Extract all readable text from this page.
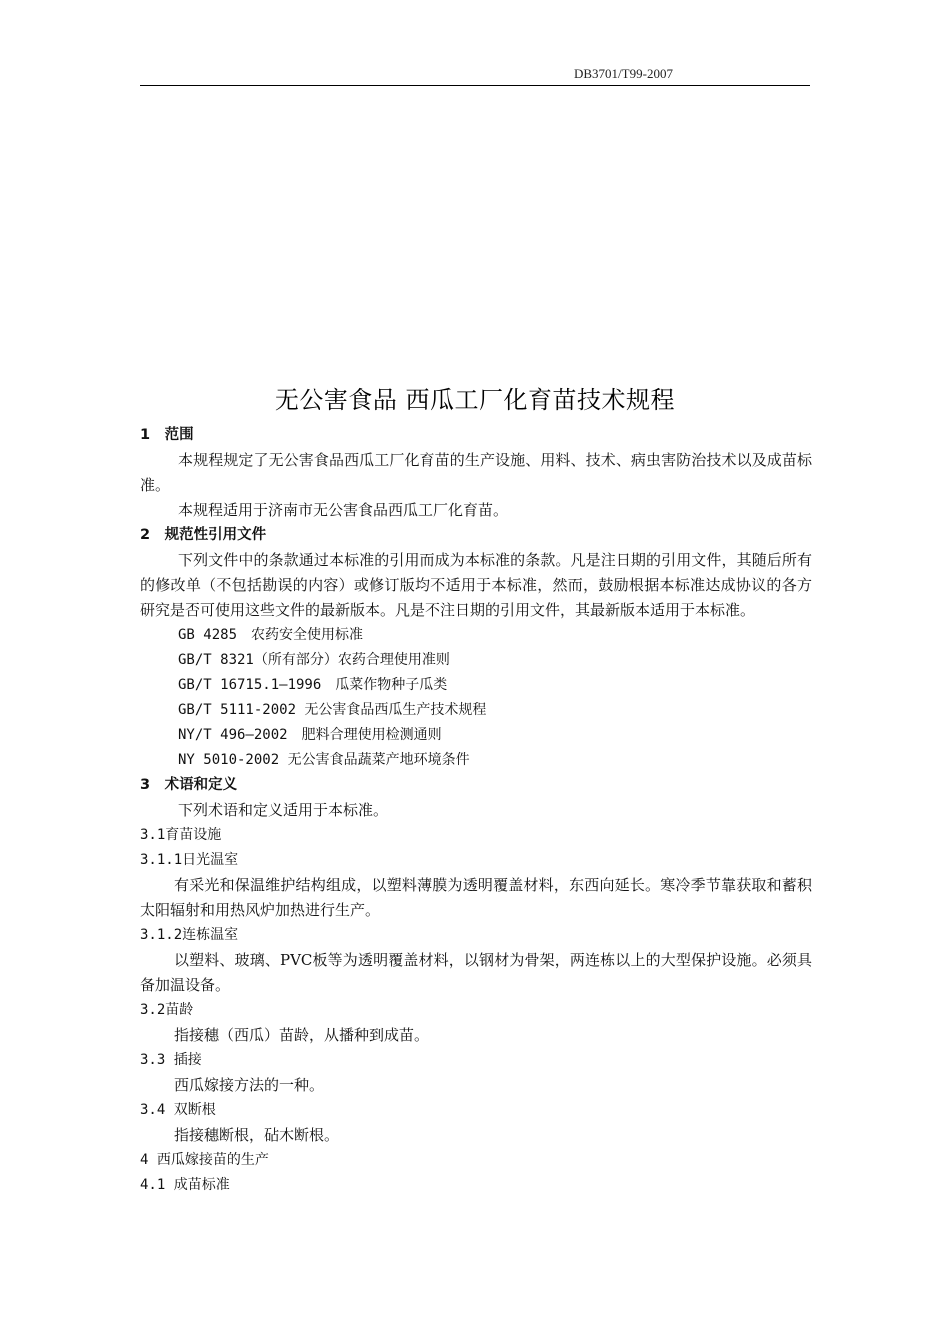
DB3701/T99-2007
无公害食品 西瓜工厂化育苗技术规程

1　范围

本规程规定了无公害食品西瓜工厂化育苗的生产设施、用料、技术、病虫害防治技术以及成苗标准。

本规程适用于济南市无公害食品西瓜工厂化育苗。

2　规范性引用文件

下列文件中的条款通过本标准的引用而成为本标准的条款。凡是注日期的引用文件，其随后所有的修改单（不包括勘误的内容）或修订版均不适用于本标准，然而，鼓励根据本标准达成协议的各方研究是否可使用这些文件的最新版本。凡是不注日期的引用文件，其最新版本适用于本标准。

GB 4285　农药安全使用标准

GB/T 8321（所有部分）农药合理使用准则

GB/T 16715.1—1996　瓜菜作物种子瓜类

GB/T 5111-2002 无公害食品西瓜生产技术规程

NY/T 496—2002　肥料合理使用检测通则

NY 5010-2002 无公害食品蔬菜产地环境条件

3　术语和定义

下列术语和定义适用于本标准。

3.1育苗设施

3.1.1日光温室

有采光和保温维护结构组成，以塑料薄膜为透明覆盖材料，东西向延长。寒冷季节靠获取和蓄积太阳辐射和用热风炉加热进行生产。

3.1.2连栋温室

以塑料、玻璃、PVC板等为透明覆盖材料，以钢材为骨架，两连栋以上的大型保护设施。必须具备加温设备。

3.2苗龄

指接穗（西瓜）苗龄，从播种到成苗。

3.3 插接

西瓜嫁接方法的一种。

3.4 双断根

指接穗断根，砧木断根。

4 西瓜嫁接苗的生产

4.1 成苗标准
